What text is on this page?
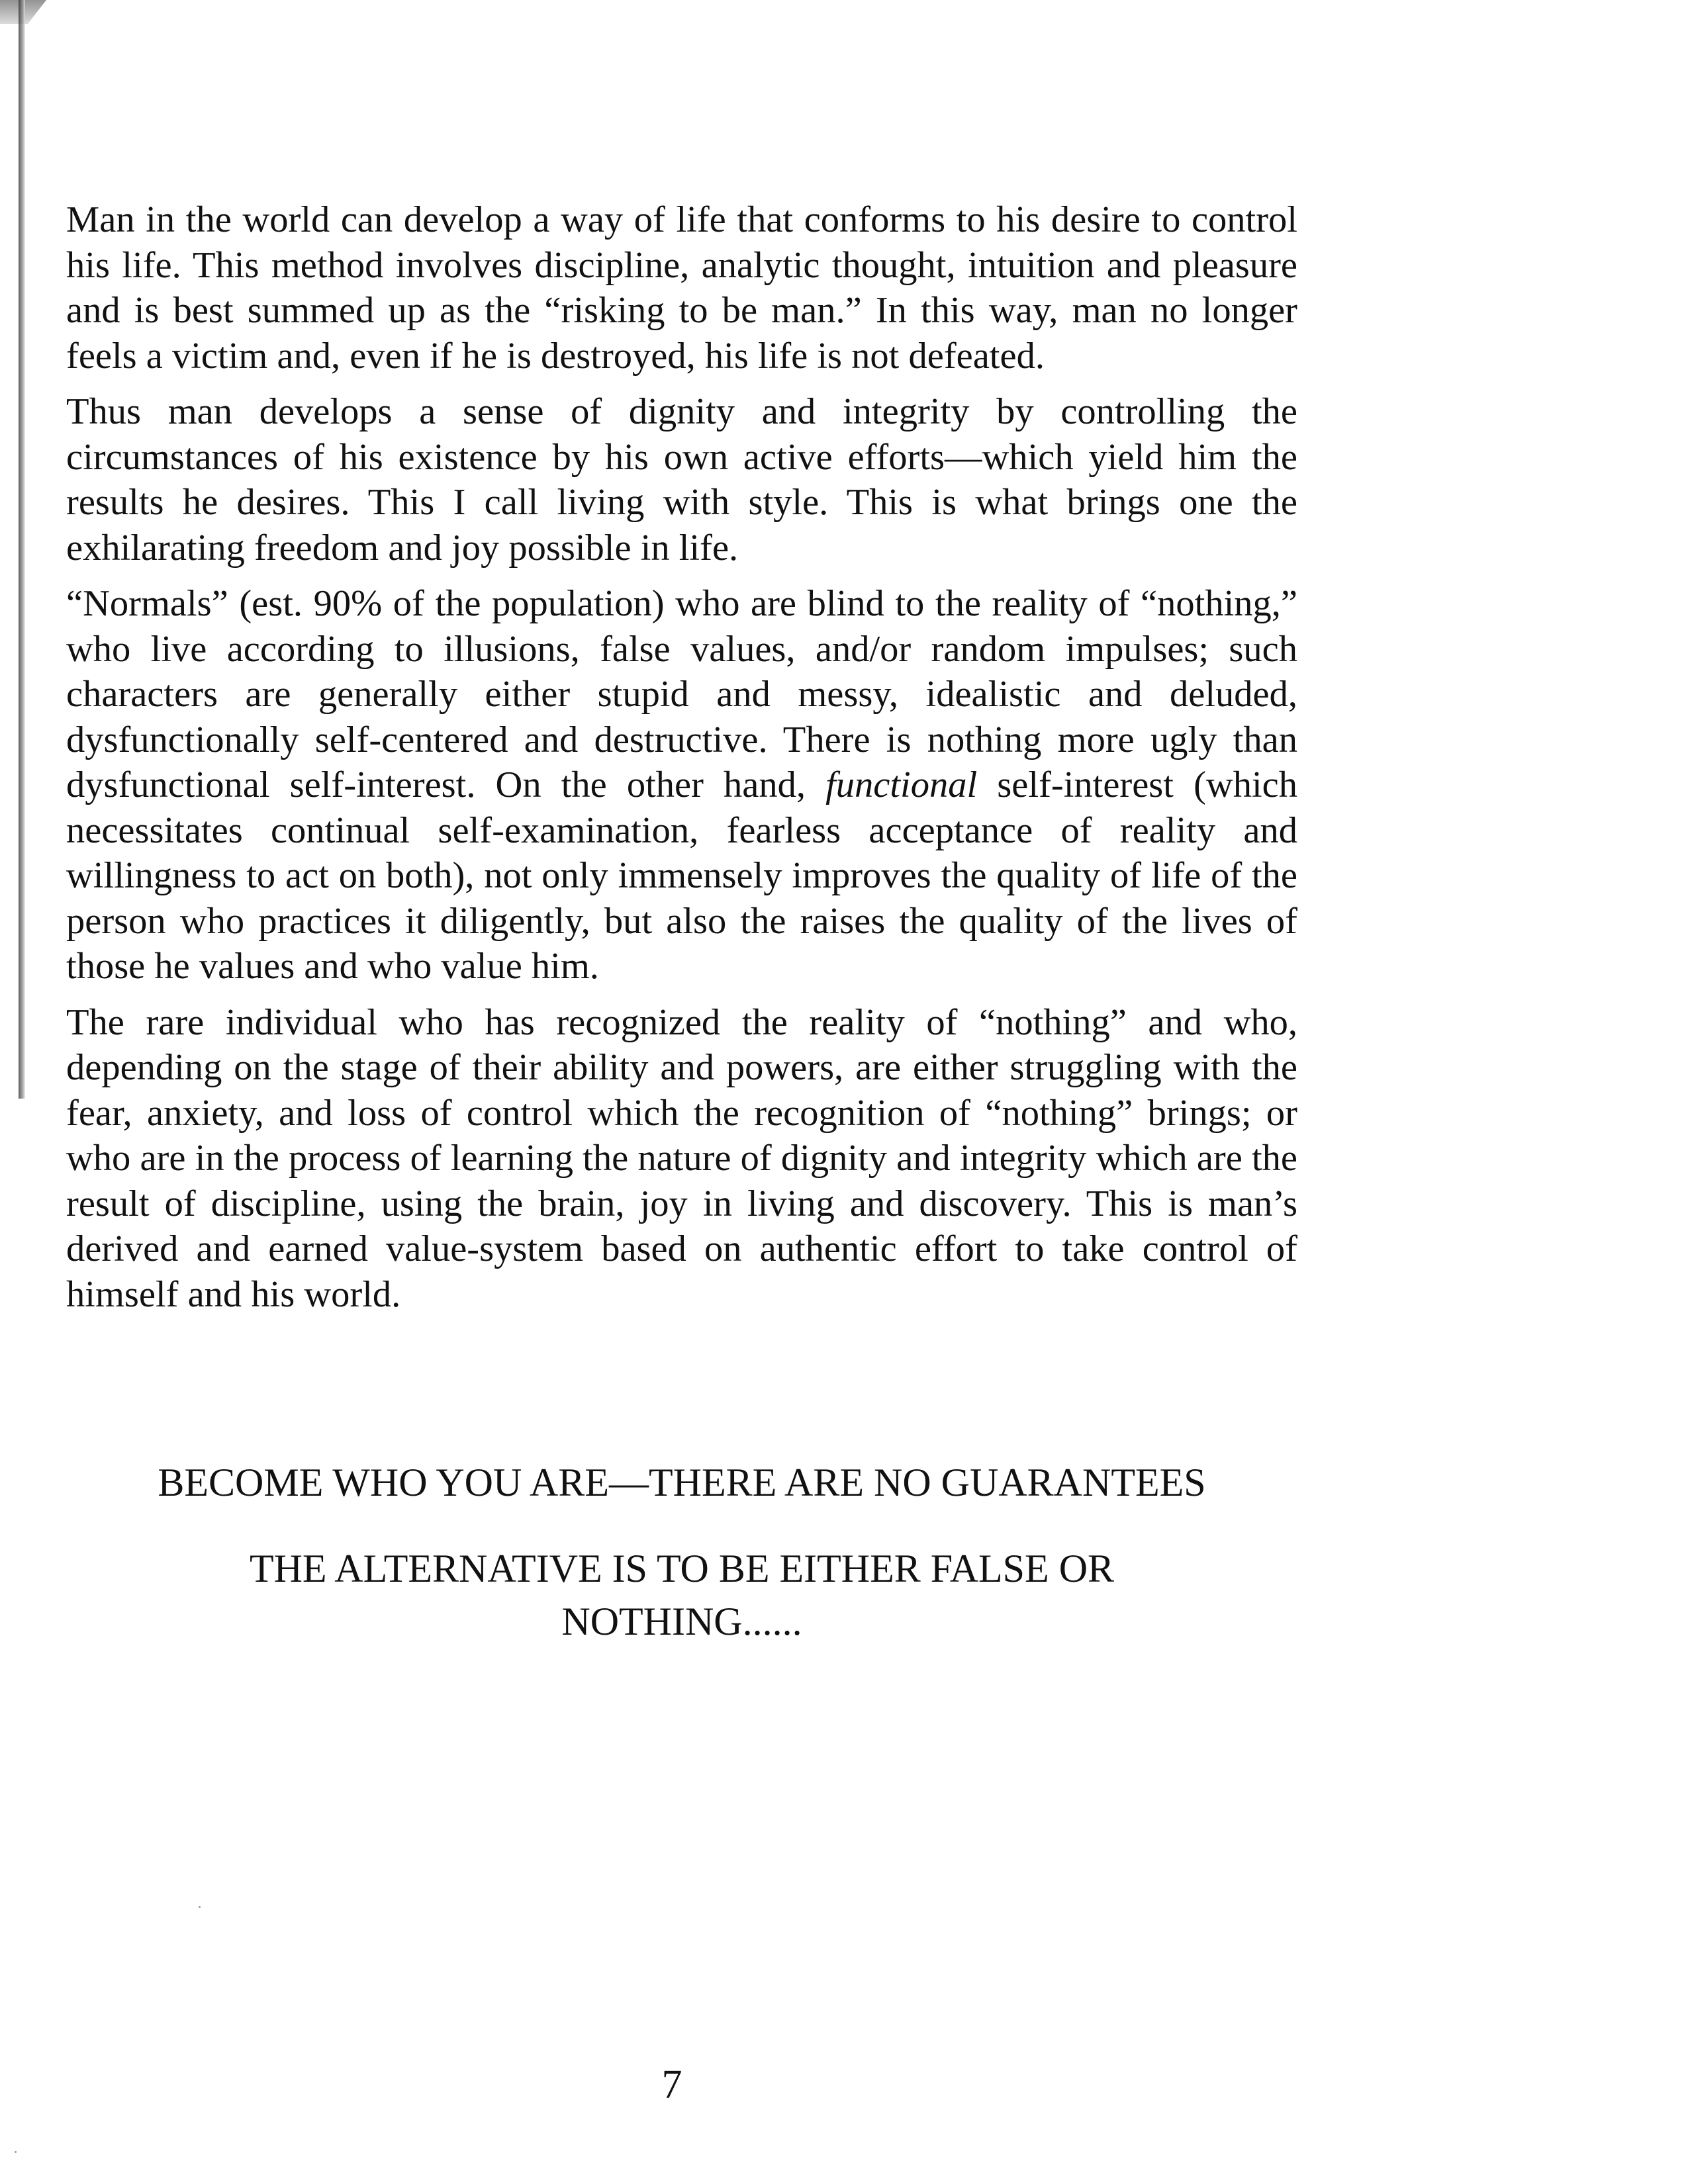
Man in the world can develop a way of life that conforms to his desire to control his life. This method involves discipline, analytic thought, intuition and pleasure and is best summed up as the “risking to be man.” In this way, man no longer feels a victim and, even if he is destroyed, his life is not defeated.

Thus man develops a sense of dignity and integrity by controlling the circumstances of his existence by his own active efforts—which yield him the results he desires. This I call living with style. This is what brings one the exhilarating freedom and joy possible in life.

“Normals” (est. 90% of the population) who are blind to the reality of “nothing,” who live according to illusions, false values, and/or random impulses; such characters are generally either stupid and messy, idealistic and deluded, dysfunctionally self-centered and destructive. There is nothing more ugly than dysfunctional self-interest. On the other hand, functional self-interest (which necessitates continual self-examination, fearless acceptance of reality and willingness to act on both), not only immensely improves the quality of life of the person who practices it diligently, but also the raises the quality of the lives of those he values and who value him.

The rare individual who has recognized the reality of “nothing” and who, depending on the stage of their ability and powers, are either struggling with the fear, anxiety, and loss of control which the recognition of “nothing” brings; or who are in the process of learning the nature of dignity and integrity which are the result of discipline, using the brain, joy in living and discovery. This is man’s derived and earned value-system based on authentic effort to take control of himself and his world.

BECOME WHO YOU ARE—THERE ARE NO GUARANTEES

THE ALTERNATIVE IS TO BE EITHER FALSE OR NOTHING......

7
